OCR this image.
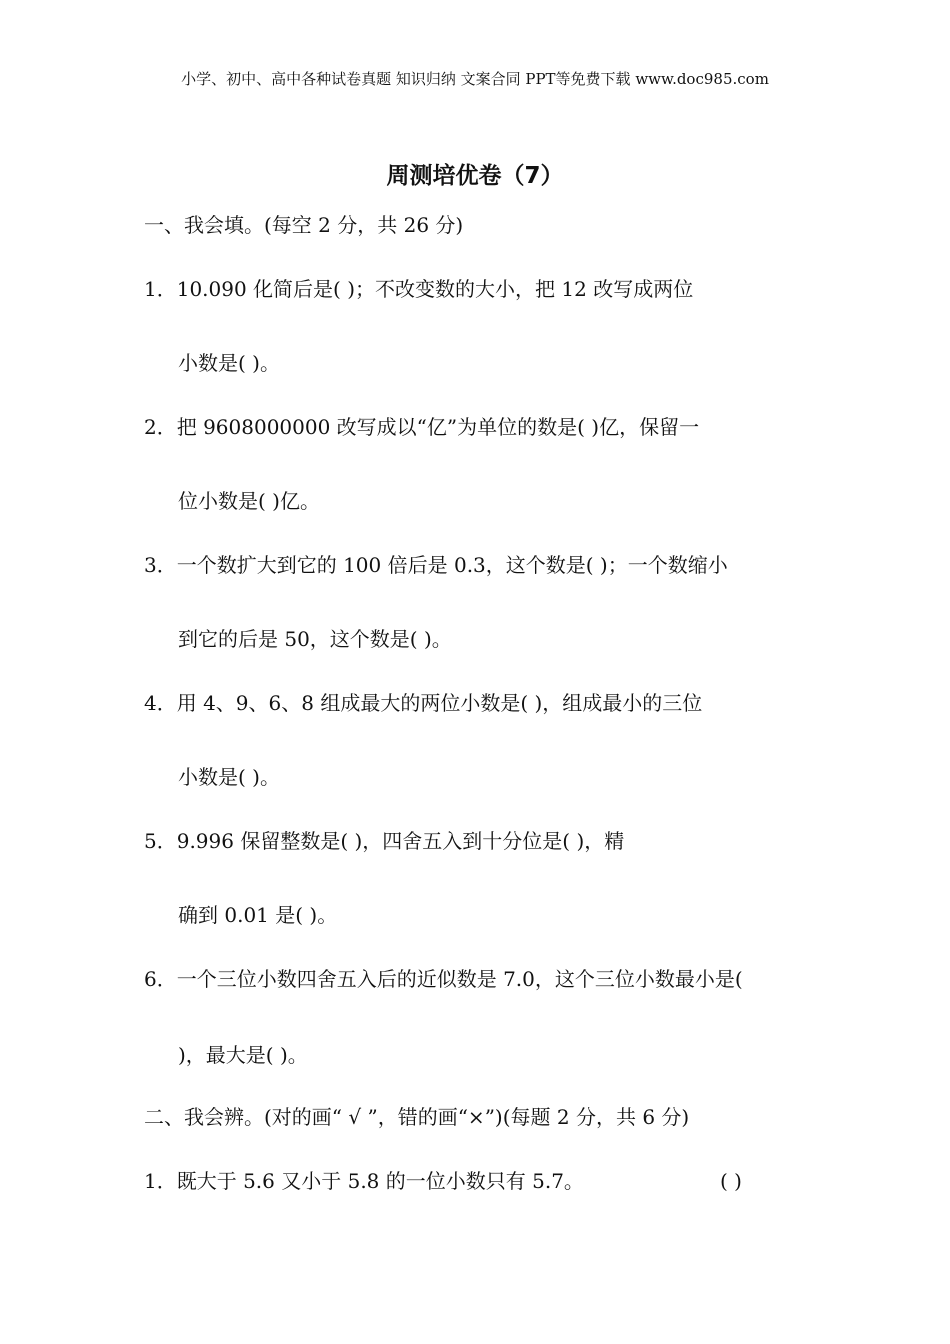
小学、初中、高中各种试卷真题 知识归纳 文案合同 PPT等免费下载 www.doc985.com
周测培优卷（7）
一、我会填。(每空 2 分，共 26 分)
1．10.090 化简后是( )；不改变数的大小，把 12 改写成两位
小数是( )。
2．把 9608000000 改写成以“亿”为单位的数是( )亿，保留一
位小数是( )亿。
3．一个数扩大到它的 100 倍后是 0.3，这个数是( )；一个数缩小
到它的后是 50，这个数是( )。
4．用 4、9、6、8 组成最大的两位小数是( )，组成最小的三位
小数是( )。
5．9.996 保留整数是( )，四舍五入到十分位是( )，精
确到 0.01 是( )。
6．一个三位小数四舍五入后的近似数是 7.0，这个三位小数最小是(
)，最大是( )。
二、我会辨。(对的画“ √ ”，错的画“×”)(每题 2 分，共 6 分)
1．既大于 5.6 又小于 5.8 的一位小数只有 5.7。	( )
